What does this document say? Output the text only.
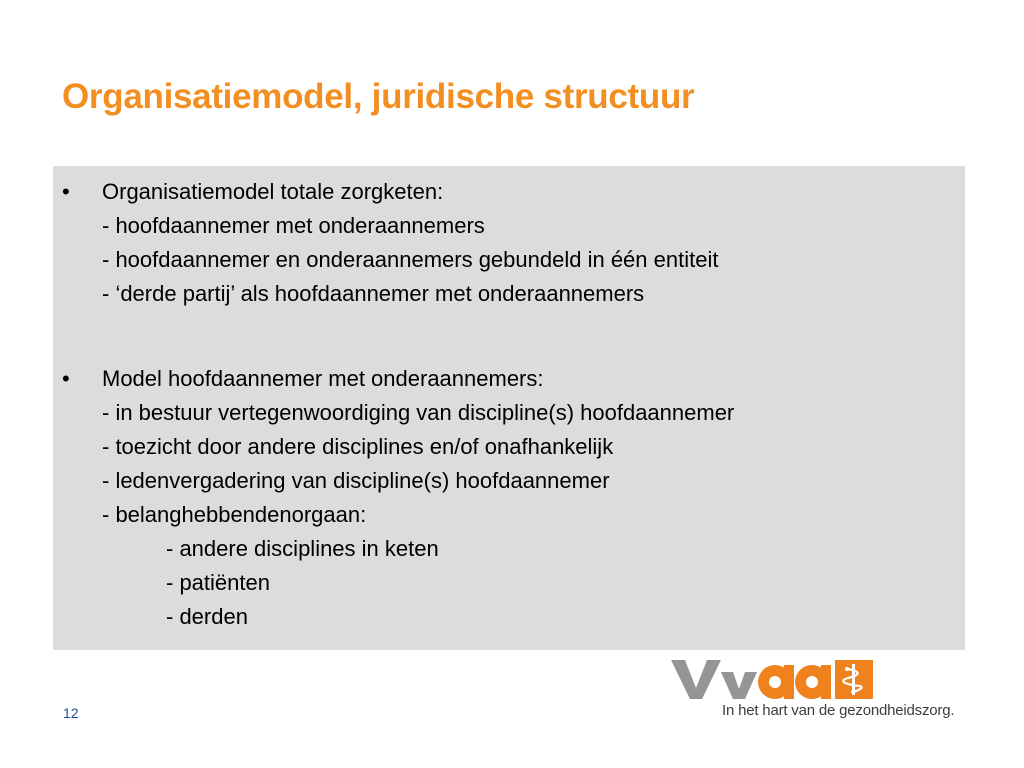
Organisatiemodel, juridische structuur
• Organisatiemodel totale zorgketen:
- hoofdaannemer met onderaannemers
- hoofdaannemer en onderaannemers gebundeld in één entiteit
- ‘derde partij’ als hoofdaannemer met onderaannemers
• Model hoofdaannemer met onderaannemers:
- in bestuur vertegenwoordiging van discipline(s) hoofdaannemer
- toezicht door andere disciplines en/of onafhankelijk
- ledenvergadering van discipline(s) hoofdaannemer
- belanghebbendenorgaan:
- andere disciplines in keten
- patiënten
- derden
12	In het hart van de gezondheidszorg.
